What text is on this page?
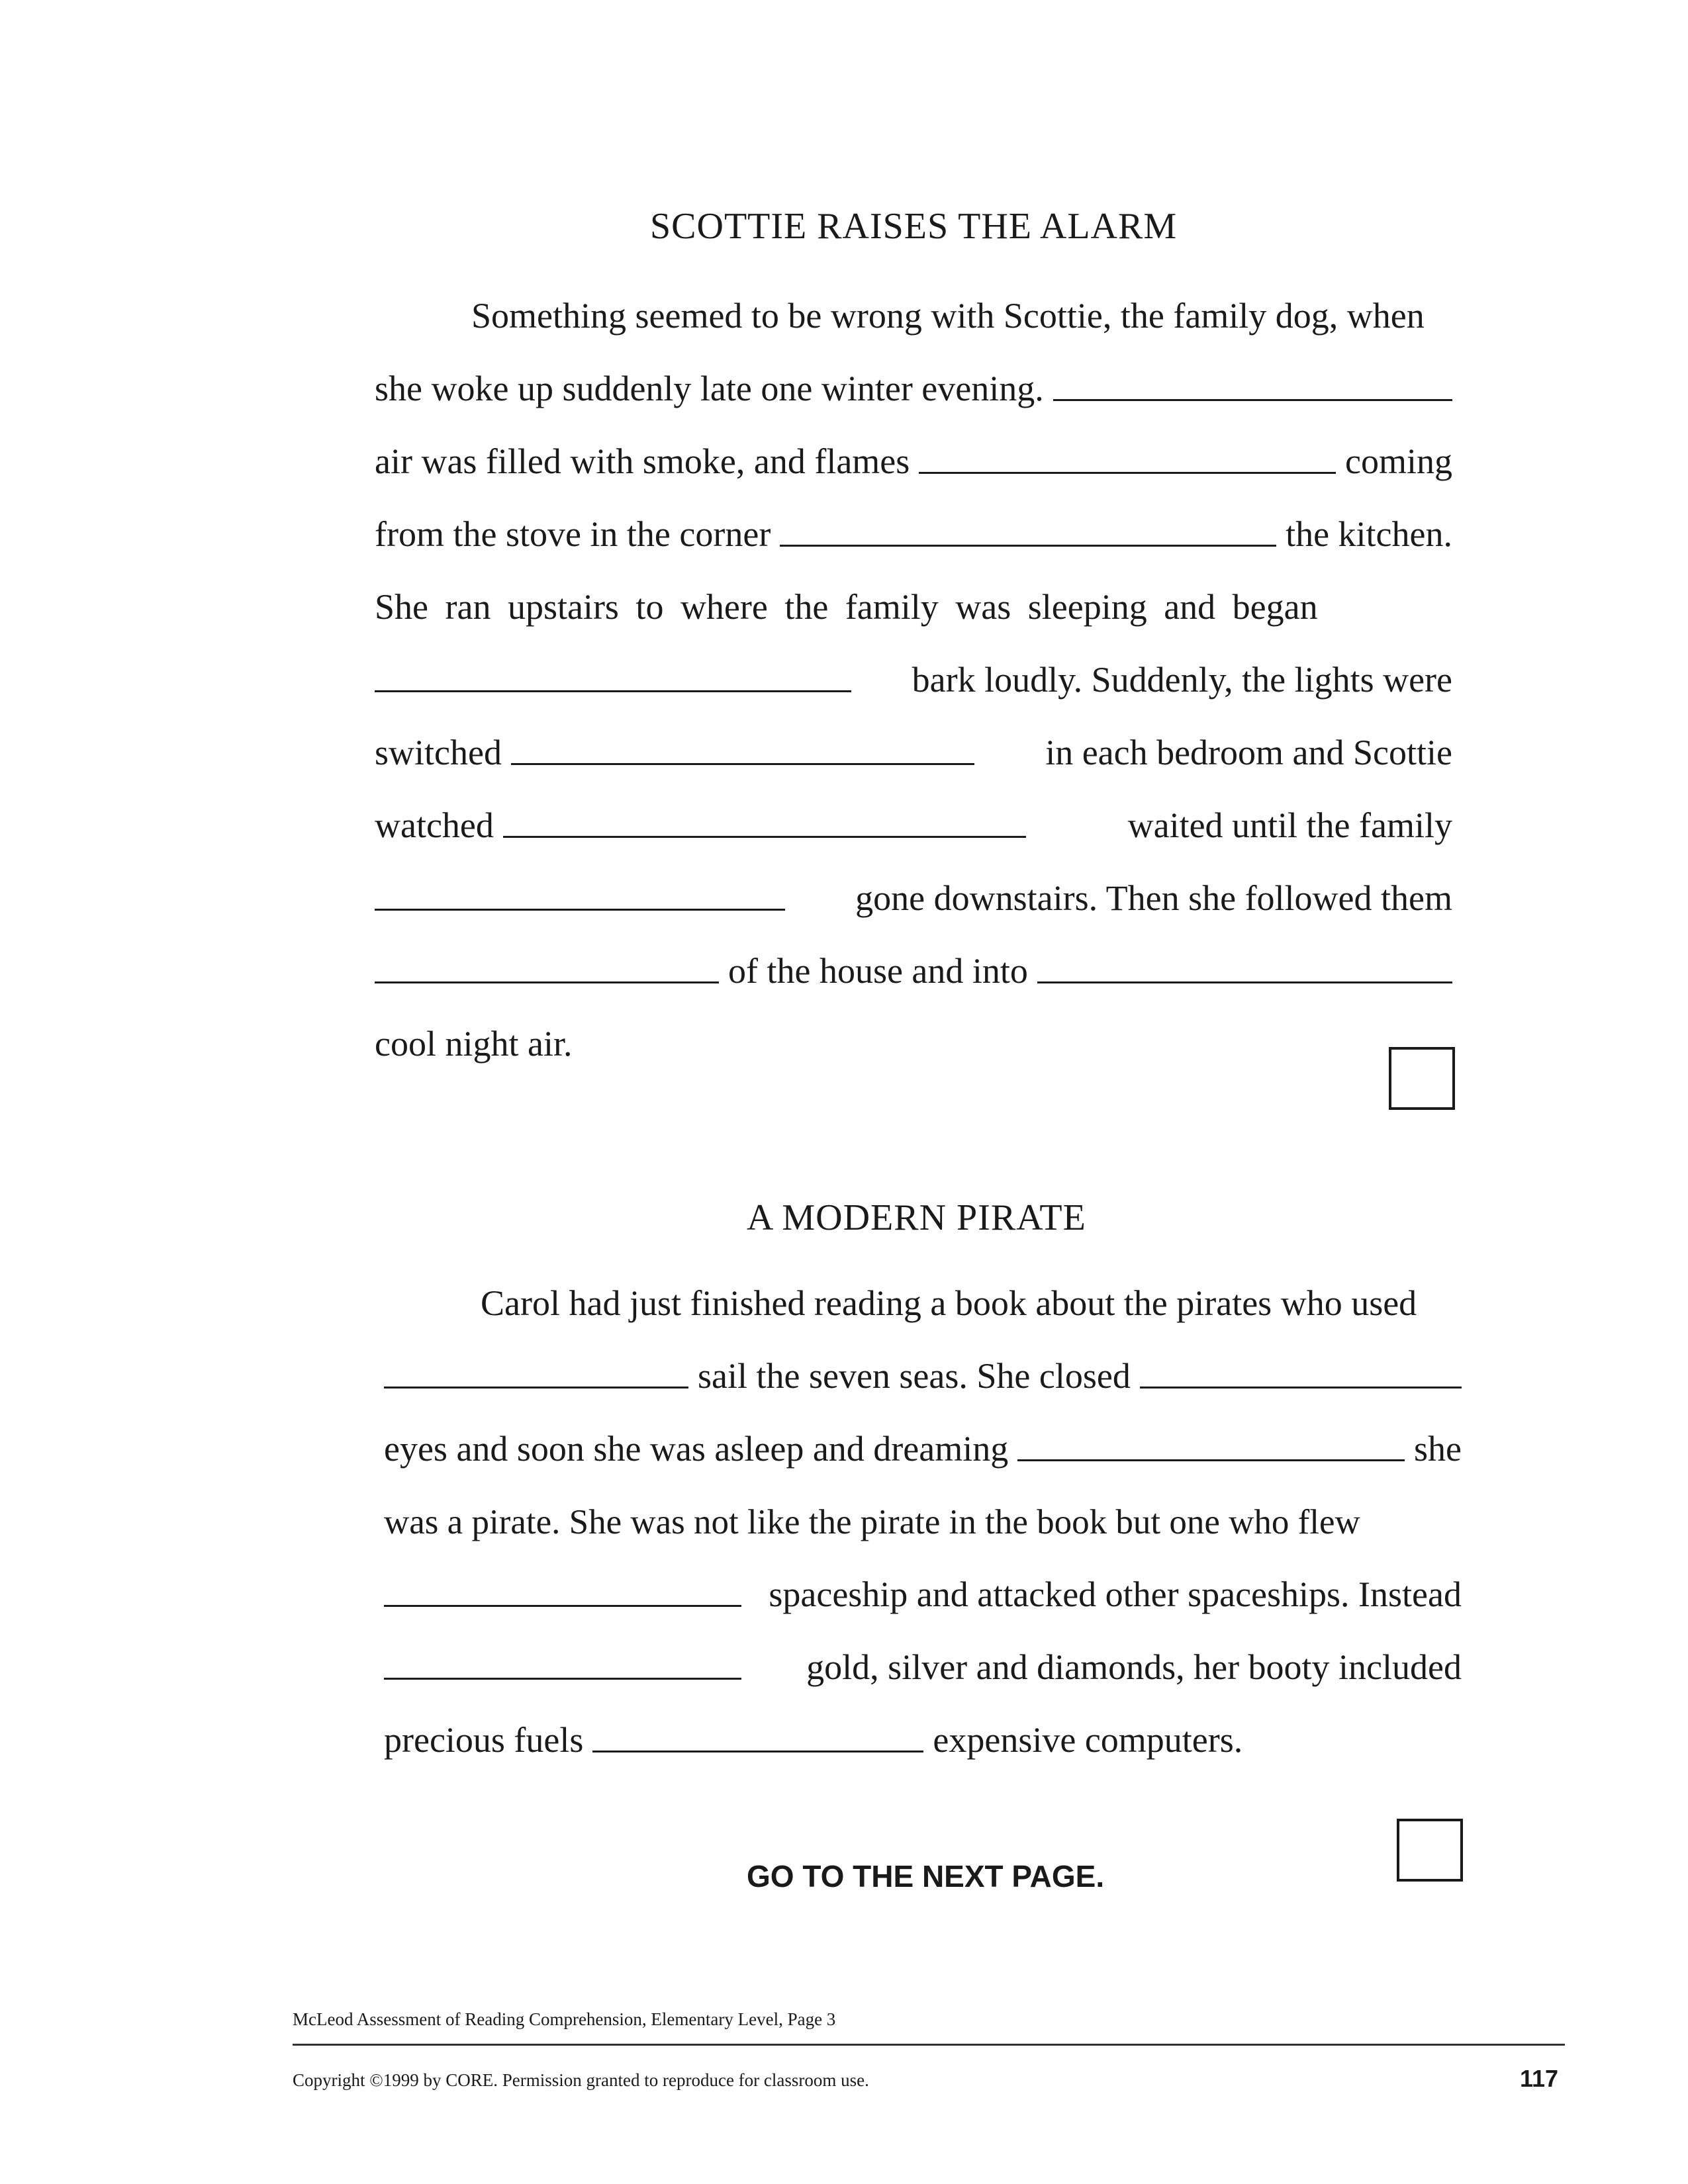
SCOTTIE RAISES THE ALARM
Something seemed to be wrong with Scottie, the family dog, when
she woke up suddenly late one winter evening.
air was filled with smoke, and flames	coming
from the stove in the corner	the kitchen.
She ran upstairs to where the family was sleeping and began
bark loudly. Suddenly, the lights were
switched	in each bedroom and Scottie
watched	waited until the family
gone downstairs. Then she followed them
of the house and into
cool night air.
A MODERN PIRATE
Carol had just finished reading a book about the pirates who used
sail the seven seas. She closed
eyes and soon she was asleep and dreaming	she
was a pirate. She was not like the pirate in the book but one who flew
spaceship and attacked other spaceships. Instead
gold, silver and diamonds, her booty included
precious fuels	expensive computers.
GO TO THE NEXT PAGE.
McLeod Assessment of Reading Comprehension, Elementary Level, Page 3
Copyright ©1999 by CORE. Permission granted to reproduce for classroom use.	117
